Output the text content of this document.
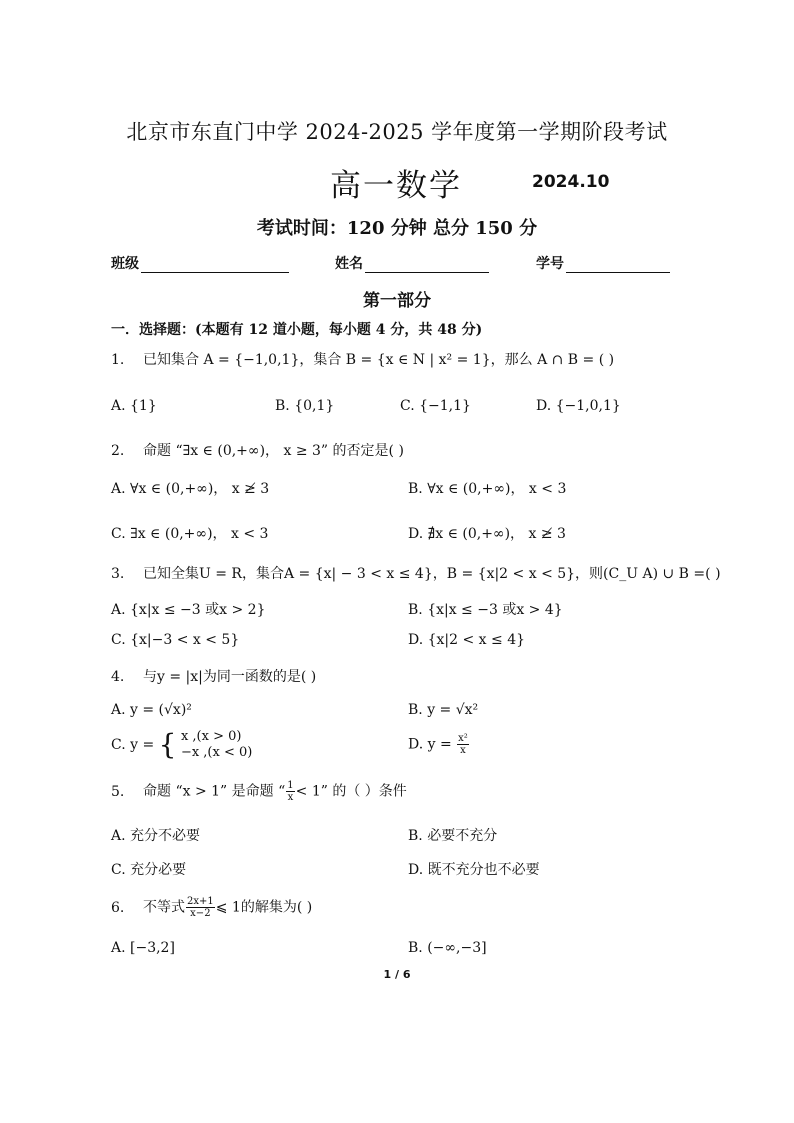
北京市东直门中学 2024-2025 学年度第一学期阶段考试
高一数学	2024.10
考试时间：120 分钟 总分 150 分
班级	姓名	学号
第一部分
一．选择题：(本题有 12 道小题，每小题 4 分，共 48 分)
1. 已知集合 A = {−1,0,1}，集合 B = {x ∈ N | x² = 1}，那么 A ∩ B = ( )
A. {1}	B. {0,1}	C. {−1,1}	D. {−1,0,1}
2. 命题 “∃x ∈ (0,+∞)， x ≥ 3” 的否定是( )
A. ∀x ∈ (0,+∞)， x ≱ 3	B. ∀x ∈ (0,+∞)， x < 3
C. ∃x ∈ (0,+∞)， x < 3	D. ∄x ∈ (0,+∞)， x ≱ 3
3. 已知全集U = R，集合A = {x| − 3 < x ≤ 4}，B = {x|2 < x < 5}，则(C_U A) ∪ B =( )
A. {x|x ≤ −3 或x > 2}	B. {x|x ≤ −3 或x > 4}
C. {x|−3 < x < 5}	D. {x|2 < x ≤ 4}
4. 与y = |x|为同一函数的是( )
A. y = (√x)²	B. y = √x²
C. y = { x ,(x > 0)
−x ,(x < 0)	D. $y = \frac{\text{x²}}{x}$
5. 命题 “x > 1” 是命题 “ $\frac{1}{x} < 1$” 的（ ）条件
A. 充分不必要	B. 必要不充分
C. 充分必要	D. 既不充分也不必要
6. 不等式 $\frac{2x+1}{x-2}$ ⩽ 1的解集为( )
A. [−3,2]	B. (−∞,−3]
1 / 6
